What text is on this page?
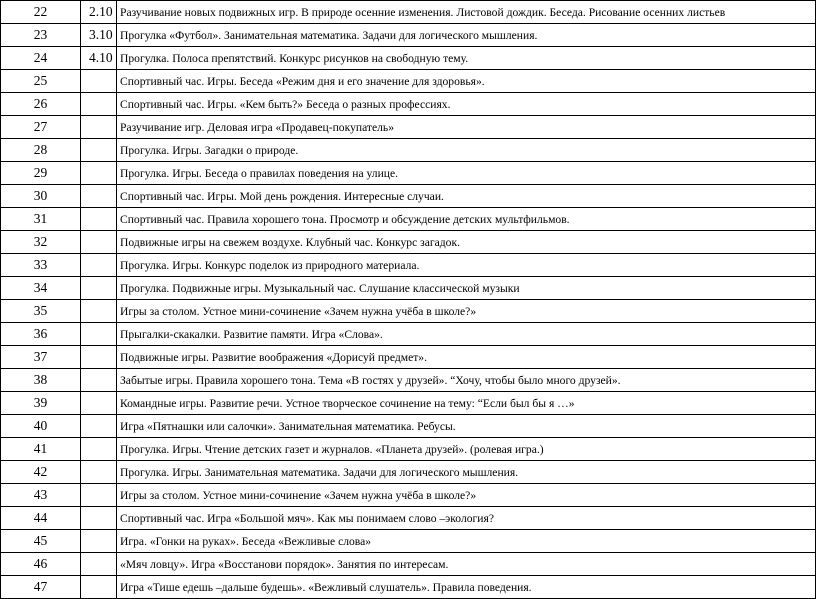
22	2.10	Разучивание новых подвижных игр. В природе осенние изменения. Листовой дождик. Беседа. Рисование осенних листьев
23	3.10	Прогулка «Футбол». Занимательная математика. Задачи для логического мышления.
24	4.10	Прогулка. Полоса препятствий. Конкурс рисунков на свободную тему.
25		Спортивный час. Игры. Беседа «Режим дня и его значение для здоровья».
26		Спортивный час. Игры. «Кем быть?» Беседа о разных профессиях.
27		Разучивание игр. Деловая игра «Продавец-покупатель»
28		Прогулка. Игры. Загадки о природе.
29		Прогулка. Игры. Беседа о правилах поведения на улице.
30		Спортивный час. Игры. Мой день рождения. Интересные случаи.
31		Спортивный час. Правила хорошего тона. Просмотр и обсуждение детских мультфильмов.
32		Подвижные игры на свежем воздухе. Клубный час. Конкурс загадок.
33		Прогулка. Игры. Конкурс поделок из природного материала.
34		Прогулка. Подвижные игры. Музыкальный час. Слушание классической музыки
35		Игры за столом. Устное мини-сочинение «Зачем нужна учёба в школе?»
36		Прыгалки-скакалки. Развитие памяти. Игра «Слова».
37		Подвижные игры. Развитие воображения «Дорисуй предмет».
38		Забытые игры. Правила хорошего тона. Тема «В гостях у друзей». “Хочу, чтобы было много друзей».
39		Командные игры. Развитие речи. Устное творческое сочинение на тему: “Если был бы я …»
40		Игра «Пятнашки или салочки». Занимательная математика. Ребусы.
41		Прогулка. Игры. Чтение детских газет и журналов. «Планета друзей». (ролевая игра.)
42		Прогулка. Игры. Занимательная математика. Задачи для логического мышления.
43		Игры за столом. Устное мини-сочинение «Зачем нужна учёба в школе?»
44		Спортивный час. Игра «Большой мяч». Как мы понимаем слово –экология?
45		Игра. «Гонки на руках». Беседа «Вежливые слова»
46		«Мяч ловцу». Игра «Восстанови порядок». Занятия по интересам.
47		Игра «Тише едешь –дальше будешь». «Вежливый слушатель». Правила поведения.
